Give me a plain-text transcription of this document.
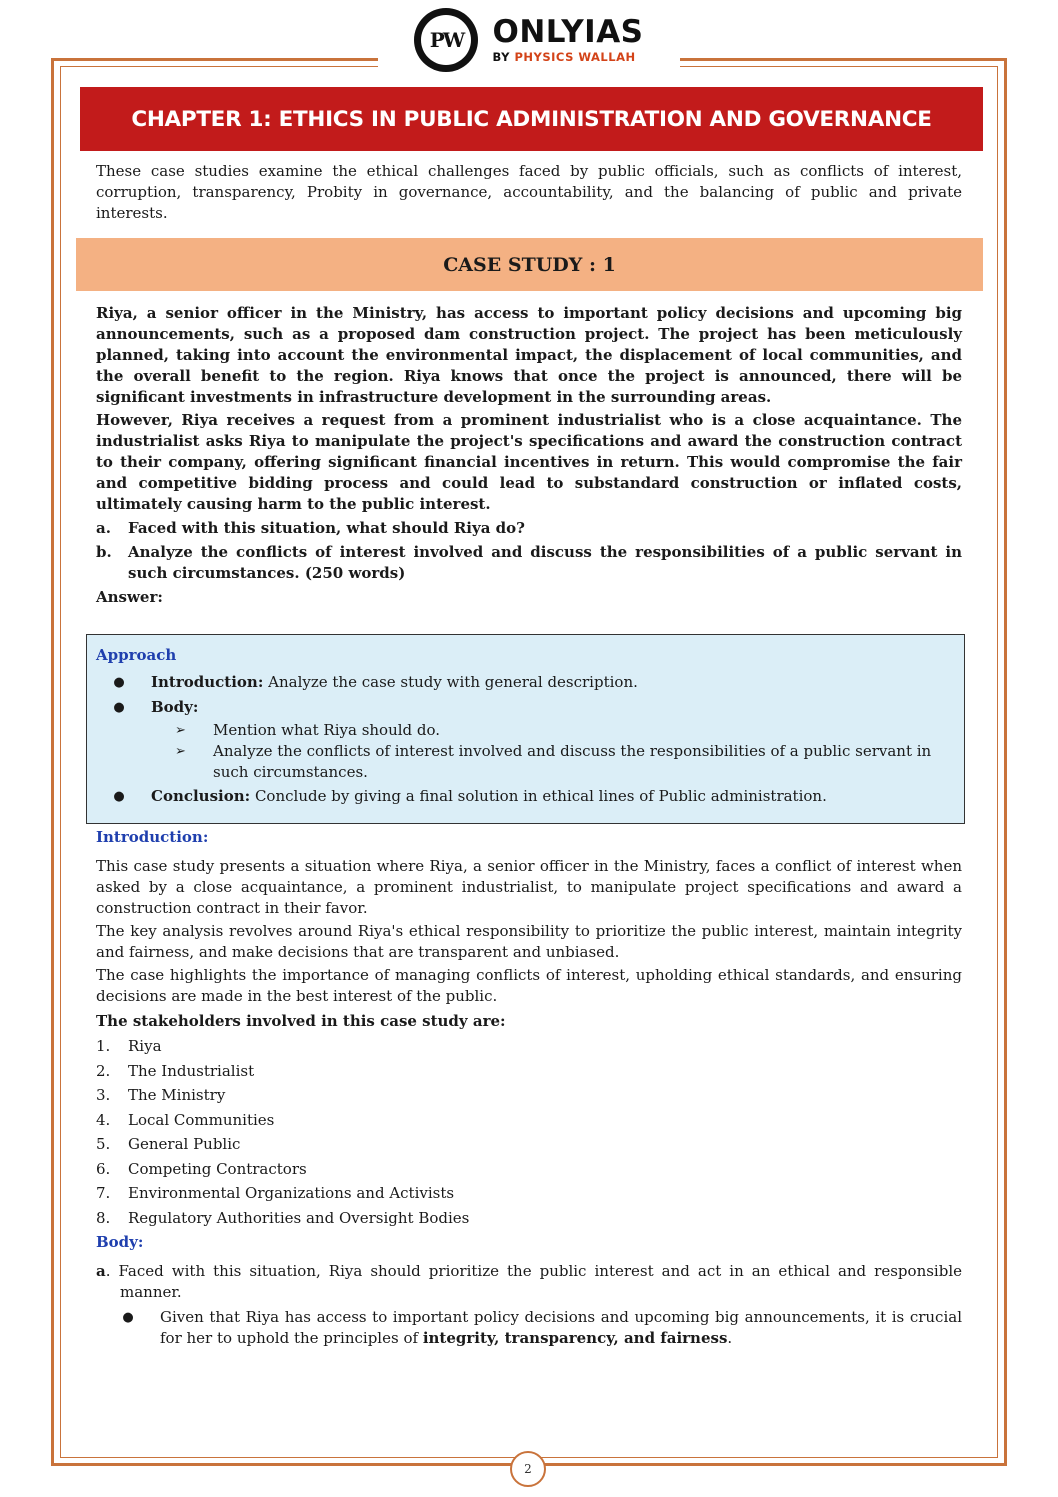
PW ONLYIAS
BY PHYSICS WALLAH
CHAPTER 1: ETHICS IN PUBLIC ADMINISTRATION AND GOVERNANCE

These case studies examine the ethical challenges faced by public officials, such as conflicts of interest, corruption, transparency, Probity in governance, accountability, and the balancing of public and private interests.

CASE STUDY : 1

Riya, a senior officer in the Ministry, has access to important policy decisions and upcoming big announcements, such as a proposed dam construction project. The project has been meticulously planned, taking into account the environmental impact, the displacement of local communities, and the overall benefit to the region. Riya knows that once the project is announced, there will be significant investments in infrastructure development in the surrounding areas.

However, Riya receives a request from a prominent industrialist who is a close acquaintance. The industrialist asks Riya to manipulate the project's specifications and award the construction contract to their company, offering significant financial incentives in return. This would compromise the fair and competitive bidding process and could lead to substandard construction or inflated costs, ultimately causing harm to the public interest.

a.	Faced with this situation, what should Riya do?
b.	Analyze the conflicts of interest involved and discuss the responsibilities of a public servant in such circumstances. (250 words)
Answer:
Approach
●	Introduction: Analyze the case study with general description.
●	Body:
➢	Mention what Riya should do.
➢	Analyze the conflicts of interest involved and discuss the responsibilities of a public servant in such circumstances.
●	Conclusion: Conclude by giving a final solution in ethical lines of Public administration.
Introduction:

This case study presents a situation where Riya, a senior officer in the Ministry, faces a conflict of interest when asked by a close acquaintance, a prominent industrialist, to manipulate project specifications and award a construction contract in their favor.

The key analysis revolves around Riya's ethical responsibility to prioritize the public interest, maintain integrity and fairness, and make decisions that are transparent and unbiased.

The case highlights the importance of managing conflicts of interest, upholding ethical standards, and ensuring decisions are made in the best interest of the public.

The stakeholders involved in this case study are:
1.	Riya
2.	The Industrialist
3.	The Ministry
4.	Local Communities
5.	General Public
6.	Competing Contractors
7.	Environmental Organizations and Activists
8.	Regulatory Authorities and Oversight Bodies
Body:

a. Faced with this situation, Riya should prioritize the public interest and act in an ethical and responsible manner.

●	Given that Riya has access to important policy decisions and upcoming big announcements, it is crucial for her to uphold the principles of integrity, transparency, and fairness.
2
